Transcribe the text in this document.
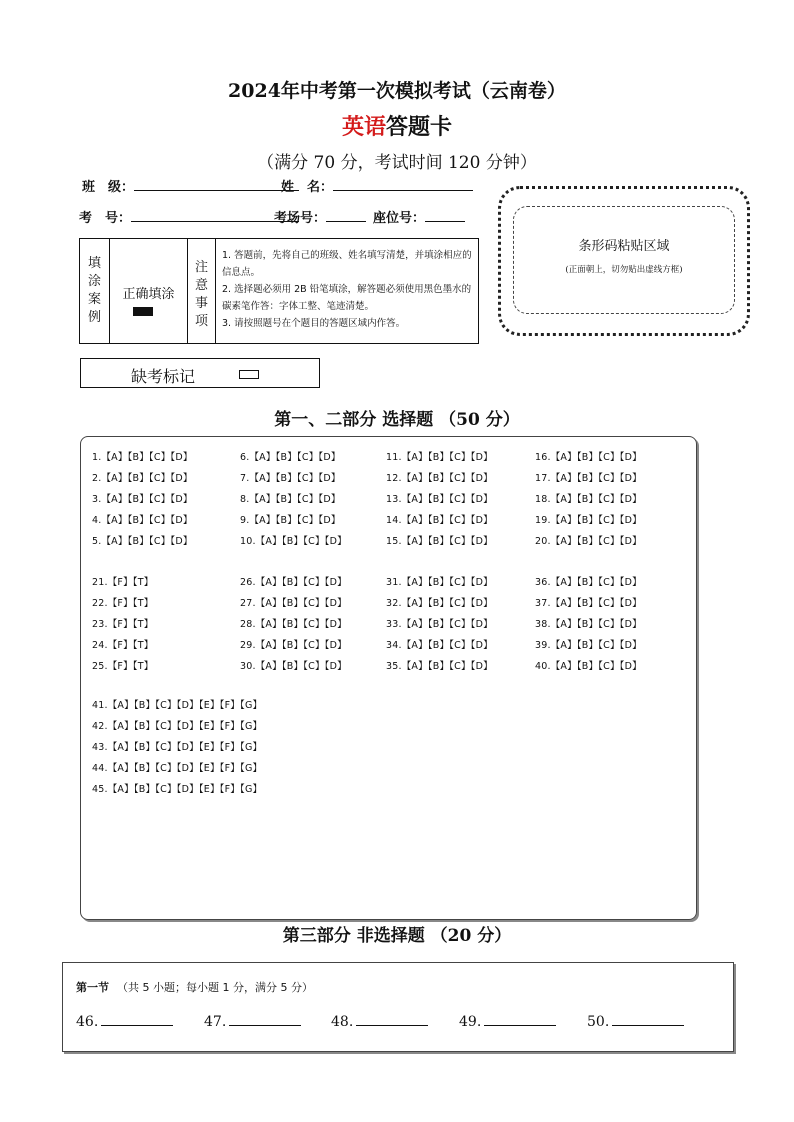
2024年中考第一次模拟考试（云南卷）
英语答题卡
（满分 70 分，考试时间 120 分钟）
班　级：	姓　名：
考　号：	考场号：	座位号：
填涂案例
正确填涂
注意事项
1. 答题前，先将自己的班级、姓名填写清楚，并填涂相应的信息点。
2. 选择题必须用 2B 铅笔填涂，解答题必须使用黑色墨水的碳素笔作答：字体工整、笔迹清楚。
3. 请按照题号在个题目的答题区域内作答。
条形码粘贴区域
(正面朝上，切勿贴出虚线方框)
缺考标记
第一、二部分 选择题 （50 分）
1.【A】【B】【C】【D】
2.【A】【B】【C】【D】
3.【A】【B】【C】【D】
4.【A】【B】【C】【D】
5.【A】【B】【C】【D】
6.【A】【B】【C】【D】
7.【A】【B】【C】【D】
8.【A】【B】【C】【D】
9.【A】【B】【C】【D】
10.【A】【B】【C】【D】
11.【A】【B】【C】【D】
12.【A】【B】【C】【D】
13.【A】【B】【C】【D】
14.【A】【B】【C】【D】
15.【A】【B】【C】【D】
16.【A】【B】【C】【D】
17.【A】【B】【C】【D】
18.【A】【B】【C】【D】
19.【A】【B】【C】【D】
20.【A】【B】【C】【D】
21.【F】【T】
22.【F】【T】
23.【F】【T】
24.【F】【T】
25.【F】【T】
26.【A】【B】【C】【D】
27.【A】【B】【C】【D】
28.【A】【B】【C】【D】
29.【A】【B】【C】【D】
30.【A】【B】【C】【D】
31.【A】【B】【C】【D】
32.【A】【B】【C】【D】
33.【A】【B】【C】【D】
34.【A】【B】【C】【D】
35.【A】【B】【C】【D】
36.【A】【B】【C】【D】
37.【A】【B】【C】【D】
38.【A】【B】【C】【D】
39.【A】【B】【C】【D】
40.【A】【B】【C】【D】
41.【A】【B】【C】【D】【E】【F】【G】
42.【A】【B】【C】【D】【E】【F】【G】
43.【A】【B】【C】【D】【E】【F】【G】
44.【A】【B】【C】【D】【E】【F】【G】
45.【A】【B】【C】【D】【E】【F】【G】
第三部分 非选择题 （20 分）
第一节 （共 5 小题；每小题 1 分，满分 5 分）
46.	47.	48.	49.	50.
